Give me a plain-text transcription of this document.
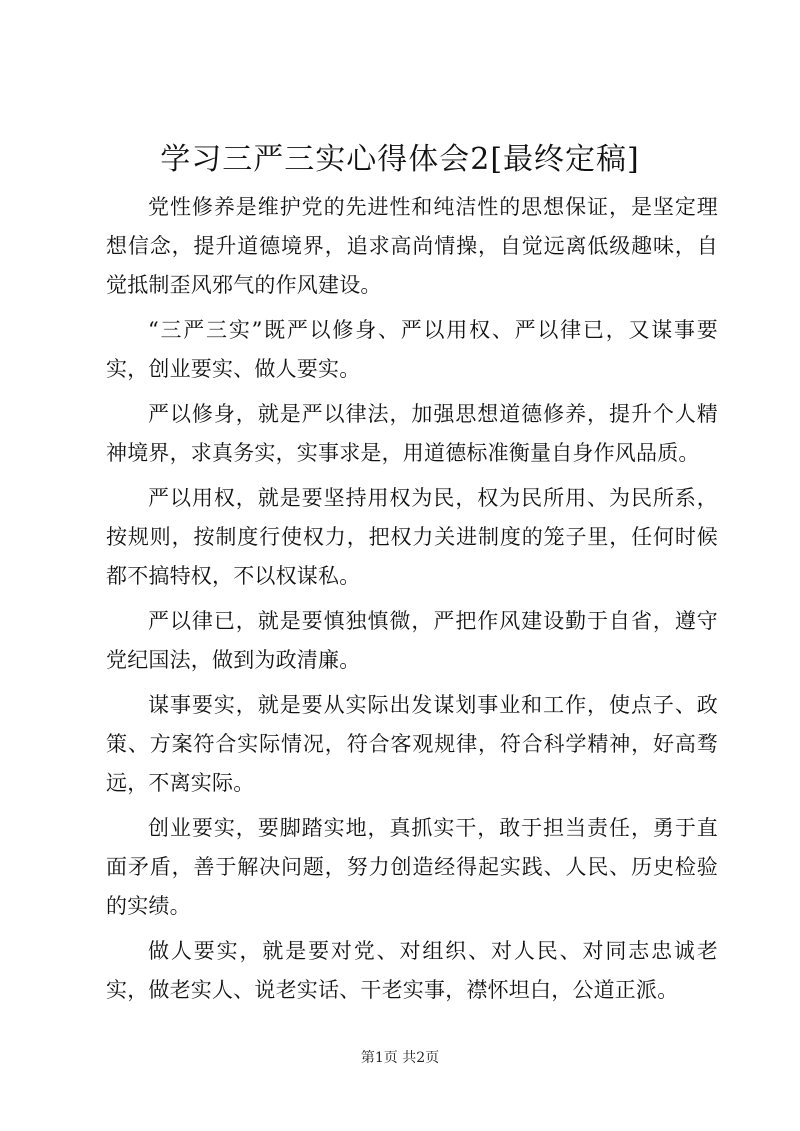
学习三严三实心得体会2[最终定稿]

党性修养是维护党的先进性和纯洁性的思想保证，是坚定理想信念，提升道德境界，追求高尚情操，自觉远离低级趣味，自觉抵制歪风邪气的作风建设。

“三严三实”既严以修身、严以用权、严以律已，又谋事要实，创业要实、做人要实。

严以修身，就是严以律法，加强思想道德修养，提升个人精神境界，求真务实，实事求是，用道德标准衡量自身作风品质。

严以用权，就是要坚持用权为民，权为民所用、为民所系，按规则，按制度行使权力，把权力关进制度的笼子里，任何时候都不搞特权，不以权谋私。

严以律已，就是要慎独慎微，严把作风建设勤于自省，遵守党纪国法，做到为政清廉。

谋事要实，就是要从实际出发谋划事业和工作，使点子、政策、方案符合实际情况，符合客观规律，符合科学精神，好高骛远，不离实际。

创业要实，要脚踏实地，真抓实干，敢于担当责任，勇于直面矛盾，善于解决问题，努力创造经得起实践、人民、历史检验的实绩。

做人要实，就是要对党、对组织、对人民、对同志忠诚老实，做老实人、说老实话、干老实事，襟怀坦白，公道正派。

第1页 共2页
